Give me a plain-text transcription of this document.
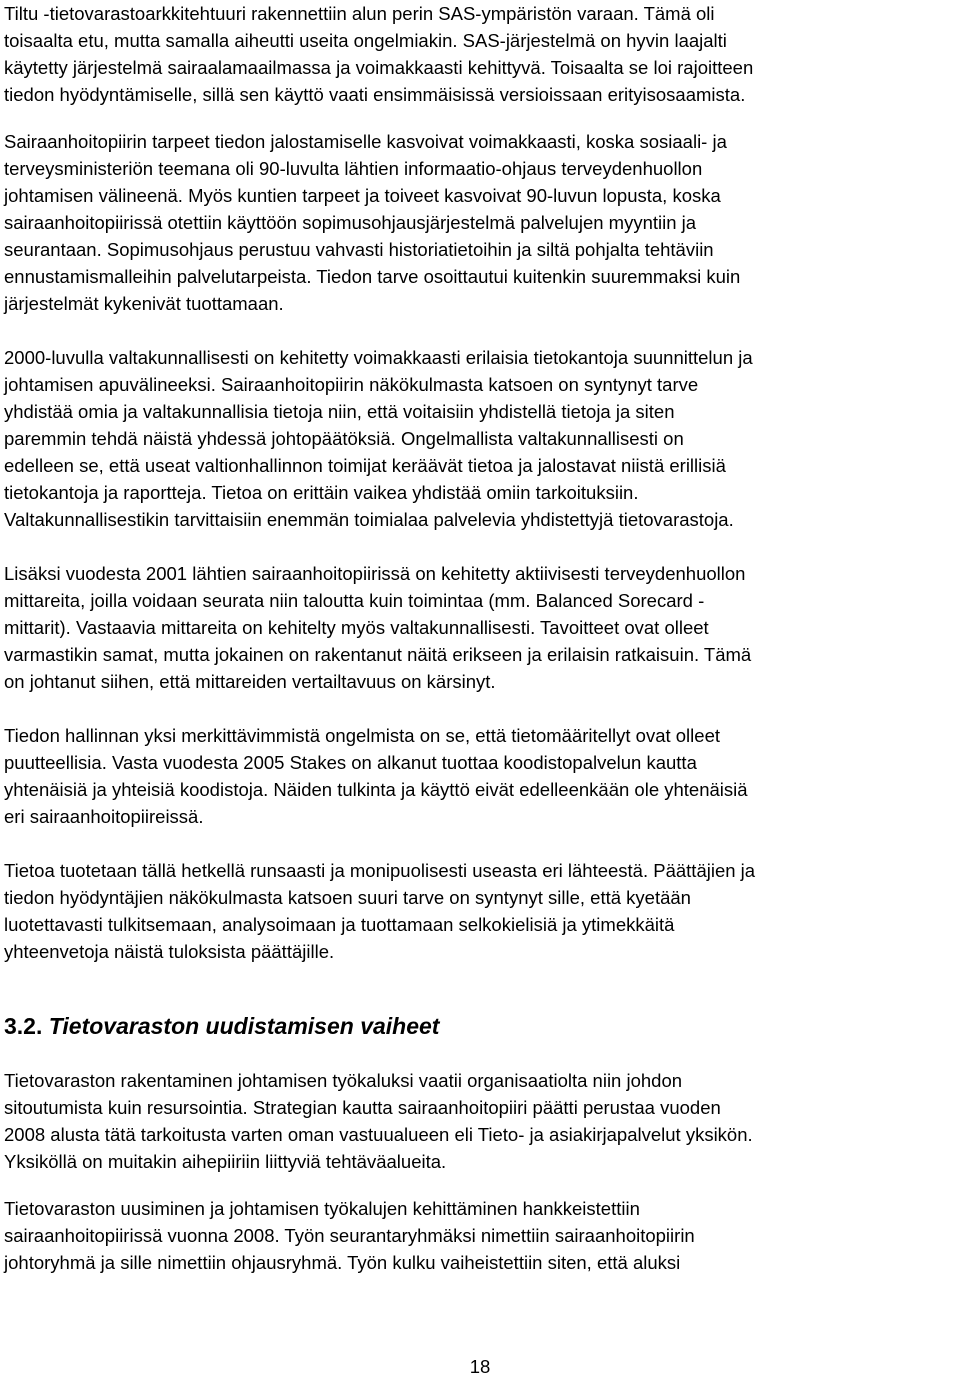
Tiltu -tietovarastoarkkitehtuuri rakennettiin alun perin SAS-ympäristön varaan. Tämä oli
toisaalta etu, mutta samalla aiheutti useita ongelmiakin. SAS-järjestelmä on hyvin laajalti
käytetty järjestelmä sairaalamaailmassa ja voimakkaasti kehittyvä. Toisaalta se loi rajoitteen
tiedon hyödyntämiselle, sillä sen käyttö vaati ensimmäisissä versioissaan erityisosaamista.

Sairaanhoitopiirin tarpeet tiedon jalostamiselle kasvoivat voimakkaasti, koska sosiaali- ja
terveysministeriön teemana oli 90-luvulta lähtien informaatio-ohjaus terveydenhuollon
johtamisen välineenä. Myös kuntien tarpeet ja toiveet kasvoivat 90-luvun lopusta, koska
sairaanhoitopiirissä otettiin käyttöön sopimusohjausjärjestelmä palvelujen myyntiin ja
seurantaan. Sopimusohjaus perustuu vahvasti historiatietoihin ja siltä pohjalta tehtäviin
ennustamismalleihin palvelutarpeista. Tiedon tarve osoittautui kuitenkin suuremmaksi kuin
järjestelmät kykenivät tuottamaan.

2000-luvulla valtakunnallisesti on kehitetty voimakkaasti erilaisia tietokantoja suunnittelun ja
johtamisen apuvälineeksi. Sairaanhoitopiirin näkökulmasta katsoen on syntynyt tarve
yhdistää omia ja valtakunnallisia tietoja niin, että voitaisiin yhdistellä tietoja ja siten
paremmin tehdä näistä yhdessä johtopäätöksiä. Ongelmallista valtakunnallisesti on
edelleen se, että useat valtionhallinnon toimijat keräävät tietoa ja jalostavat niistä erillisiä
tietokantoja ja raportteja. Tietoa on erittäin vaikea yhdistää omiin tarkoituksiin.
Valtakunnallisestikin tarvittaisiin enemmän toimialaa palvelevia yhdistettyjä tietovarastoja.

Lisäksi vuodesta 2001 lähtien sairaanhoitopiirissä on kehitetty aktiivisesti terveydenhuollon
mittareita, joilla voidaan seurata niin taloutta kuin toimintaa (mm. Balanced Sorecard -
mittarit). Vastaavia mittareita on kehitelty myös valtakunnallisesti. Tavoitteet ovat olleet
varmastikin samat, mutta jokainen on rakentanut näitä erikseen ja erilaisin ratkaisuin. Tämä
on johtanut siihen, että mittareiden vertailtavuus on kärsinyt.

Tiedon hallinnan yksi merkittävimmistä ongelmista on se, että tietomääritellyt ovat olleet
puutteellisia. Vasta vuodesta 2005 Stakes on alkanut tuottaa koodistopalvelun kautta
yhtenäisiä ja yhteisiä koodistoja. Näiden tulkinta ja käyttö eivät edelleenkään ole yhtenäisiä
eri sairaanhoitopiireissä.

Tietoa tuotetaan tällä hetkellä runsaasti ja monipuolisesti useasta eri lähteestä. Päättäjien ja
tiedon hyödyntäjien näkökulmasta katsoen suuri tarve on syntynyt sille, että kyetään
luotettavasti tulkitsemaan, analysoimaan ja tuottamaan selkokielisiä ja ytimekkäitä
yhteenvetoja näistä tuloksista päättäjille.

3.2. Tietovaraston uudistamisen vaiheet

Tietovaraston rakentaminen johtamisen työkaluksi vaatii organisaatiolta niin johdon
sitoutumista kuin resursointia. Strategian kautta sairaanhoitopiiri päätti perustaa vuoden
2008 alusta tätä tarkoitusta varten oman vastuualueen eli Tieto- ja asiakirjapalvelut yksikön.
Yksiköllä on muitakin aihepiiriin liittyviä tehtäväalueita.

Tietovaraston uusiminen ja johtamisen työkalujen kehittäminen hankkeistettiin
sairaanhoitopiirissä vuonna 2008. Työn seurantaryhmäksi nimettiin sairaanhoitopiirin
johtoryhmä ja sille nimettiin ohjausryhmä. Työn kulku vaiheistettiin siten, että aluksi

18
